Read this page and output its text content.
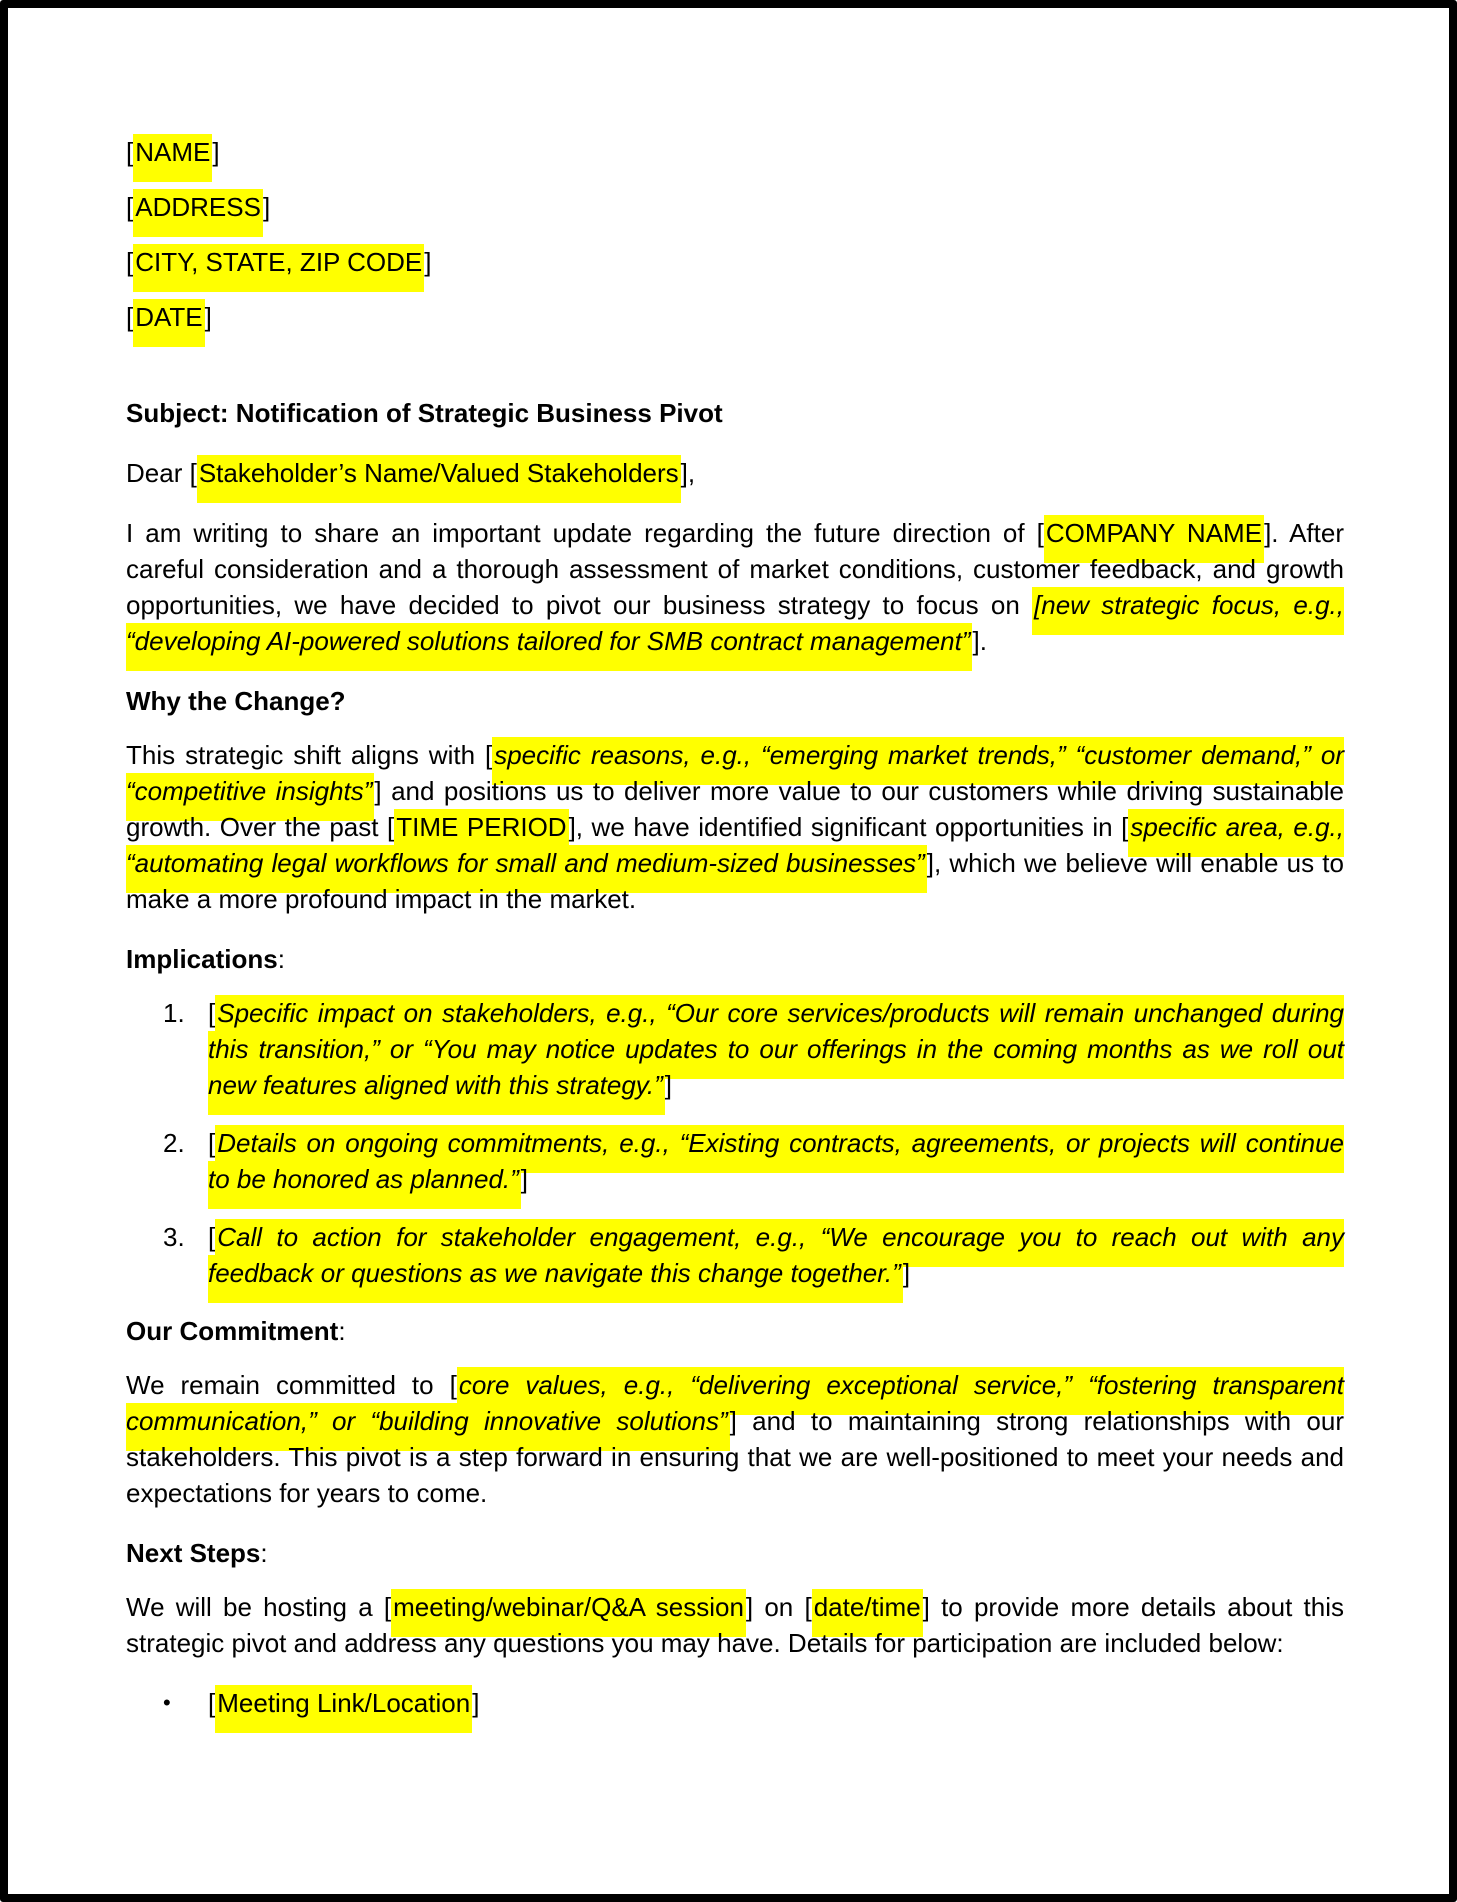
[NAME]

[ADDRESS]

[CITY, STATE, ZIP CODE]

[DATE]

Subject: Notification of Strategic Business Pivot

Dear [Stakeholder’s Name/Valued Stakeholders],

I am writing to share an important update regarding the future direction of [COMPANY NAME]. After careful consideration and a thorough assessment of market conditions, customer feedback, and growth opportunities, we have decided to pivot our business strategy to focus on [new strategic focus, e.g., “developing AI-powered solutions tailored for SMB contract management”].

Why the Change?

This strategic shift aligns with [specific reasons, e.g., “emerging market trends,” “customer demand,” or “competitive insights”] and positions us to deliver more value to our customers while driving sustainable growth. Over the past [TIME PERIOD], we have identified significant opportunities in [specific area, e.g., “automating legal workflows for small and medium-sized businesses”], which we believe will enable us to make a more profound impact in the market.

Implications:

1. [Specific impact on stakeholders, e.g., “Our core services/products will remain unchanged during this transition,” or “You may notice updates to our offerings in the coming months as we roll out new features aligned with this strategy.”]
2. [Details on ongoing commitments, e.g., “Existing contracts, agreements, or projects will continue to be honored as planned.”]
3. [Call to action for stakeholder engagement, e.g., “We encourage you to reach out with any feedback or questions as we navigate this change together.”]

Our Commitment:

We remain committed to [core values, e.g., “delivering exceptional service,” “fostering transparent communication,” or “building innovative solutions”] and to maintaining strong relationships with our stakeholders. This pivot is a step forward in ensuring that we are well-positioned to meet your needs and expectations for years to come.

Next Steps:

We will be hosting a [meeting/webinar/Q&A session] on [date/time] to provide more details about this strategic pivot and address any questions you may have. Details for participation are included below:

•	[Meeting Link/Location]
